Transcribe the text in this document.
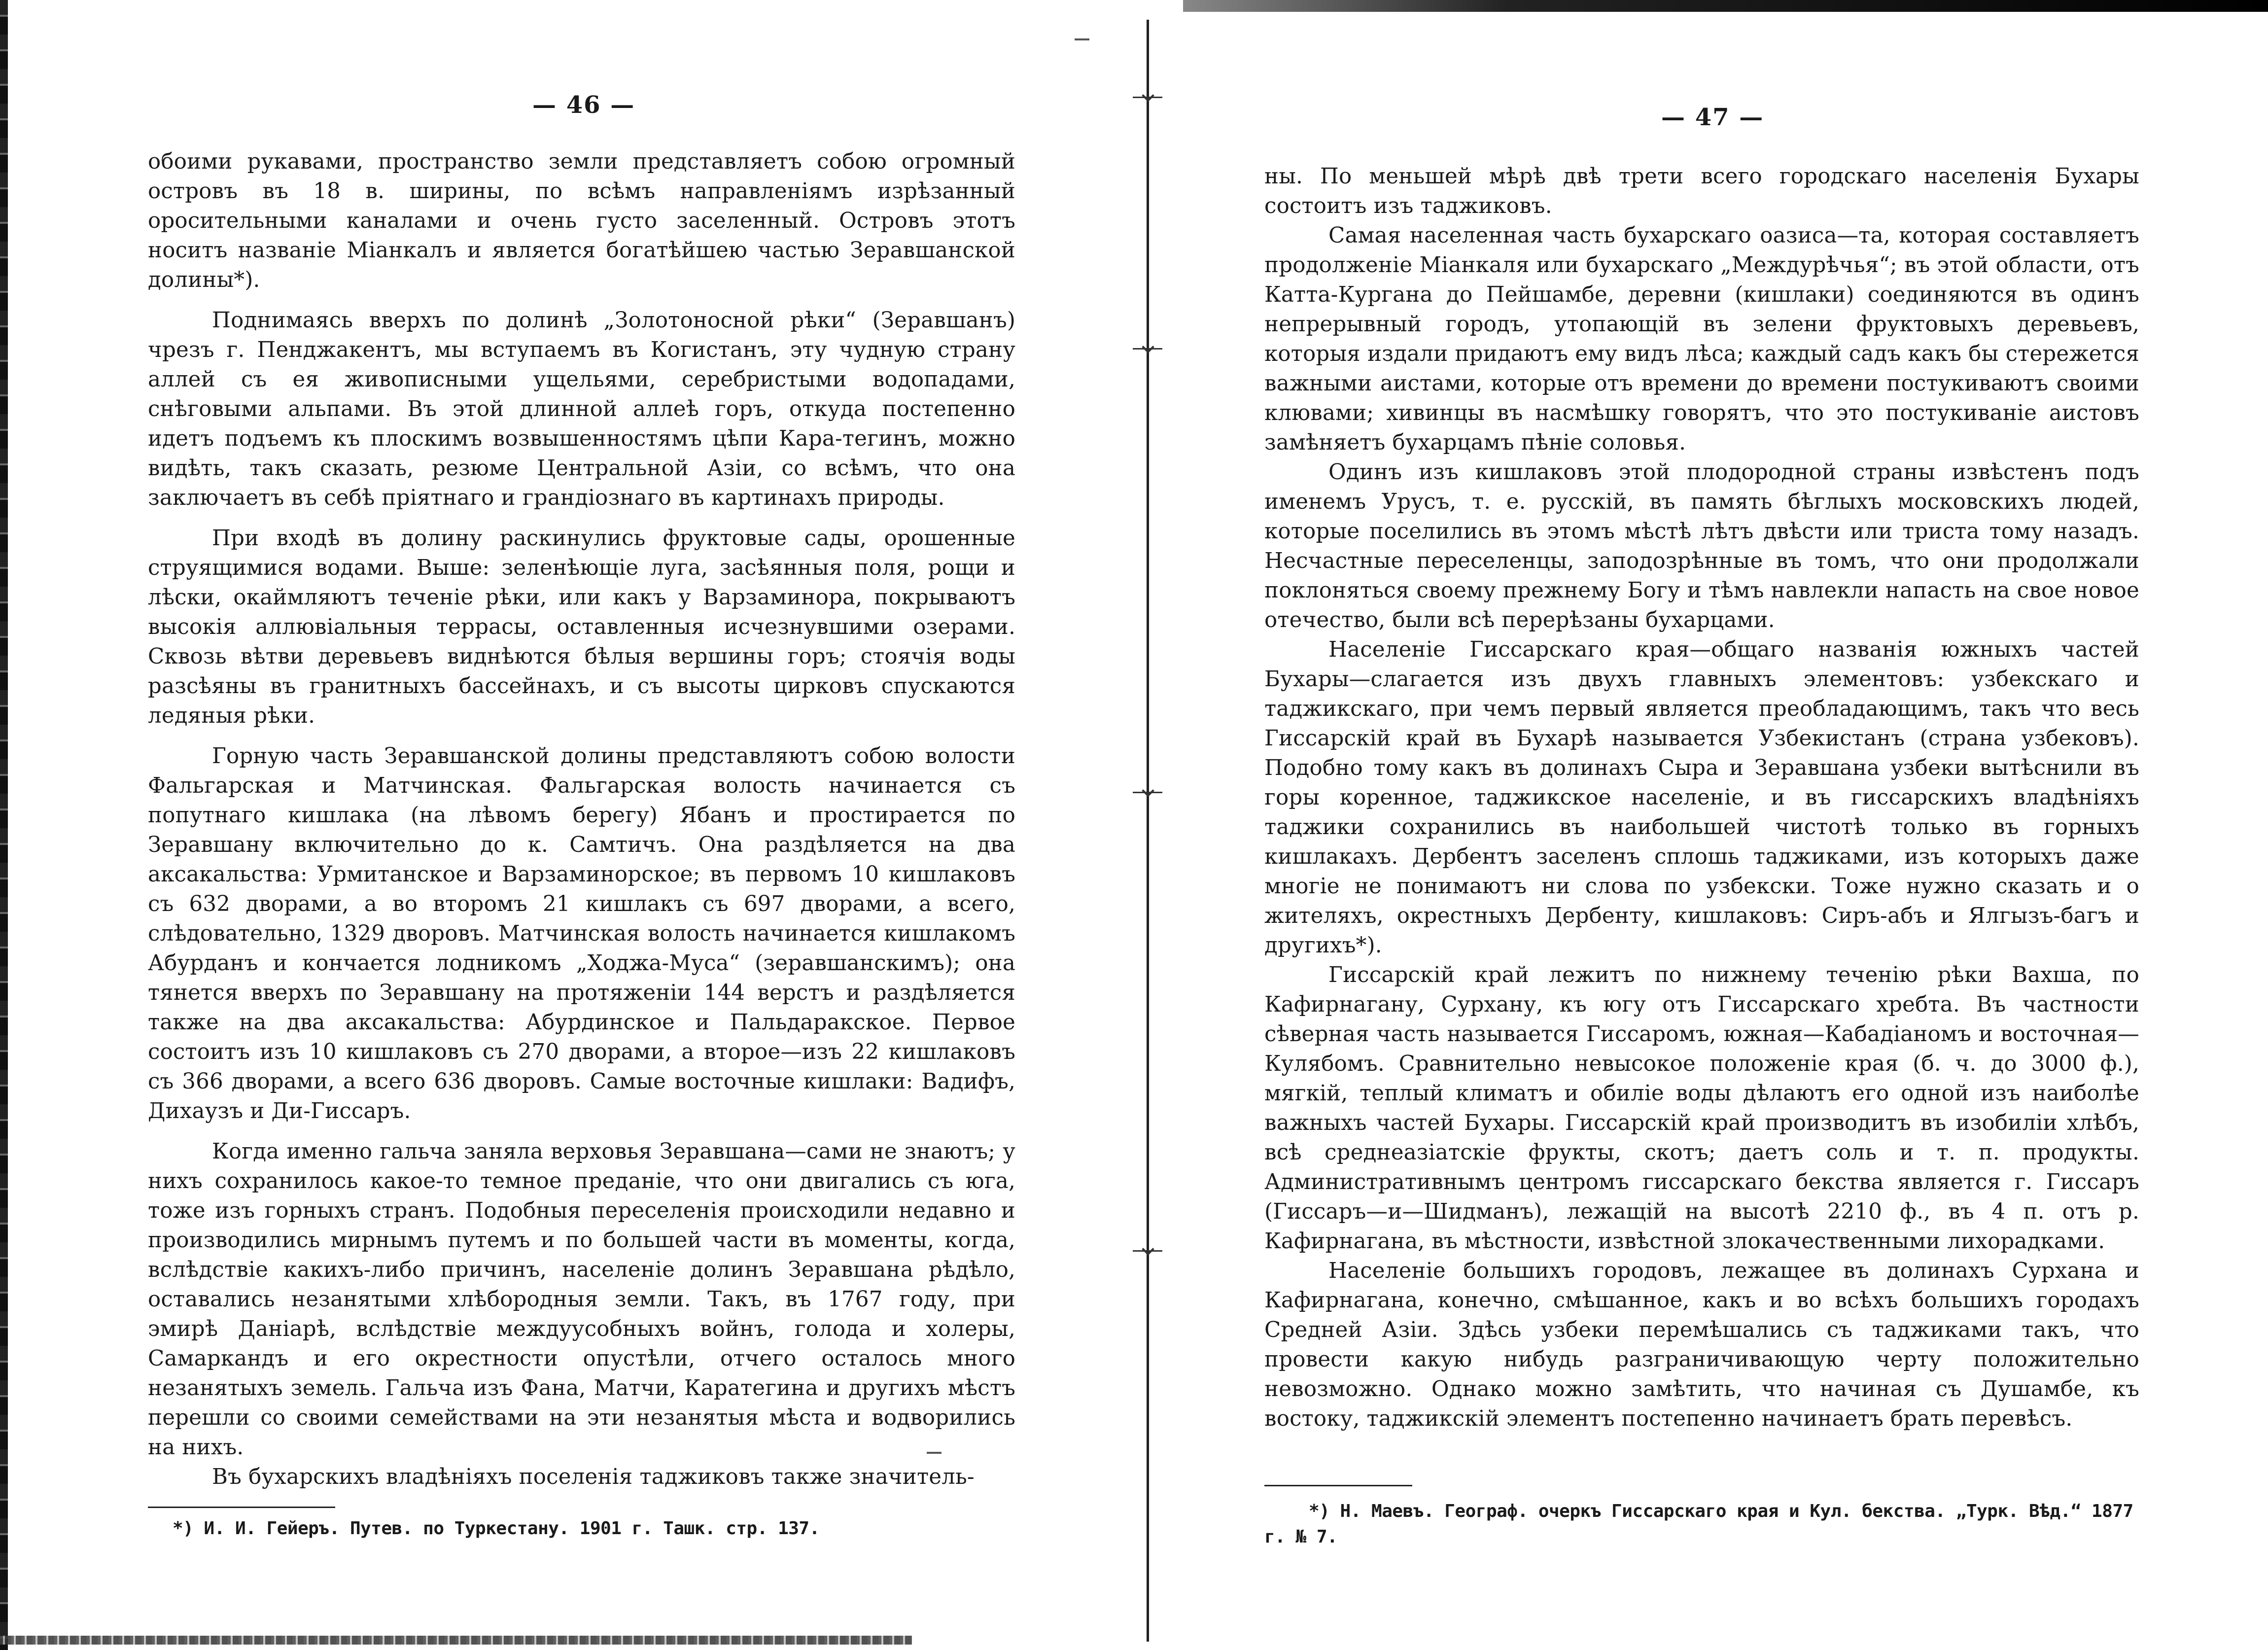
— 46 —

обоими рукавами, пространство земли представляетъ собою огромный островъ въ 18 в. ширины, по всѣмъ направленіямъ изрѣзанный оросительными каналами и очень густо заселенный. Островъ этотъ носитъ названіе Міанкалъ и является богатѣйшею частью Зеравшанской долины*).

Поднимаясь вверхъ по долинѣ „Золотоносной рѣки“ (Зеравшанъ) чрезъ г. Пенджакентъ, мы вступаемъ въ Когистанъ, эту чудную страну аллей съ ея живописными ущельями, серебристыми водопадами, снѣговыми альпами. Въ этой длинной аллеѣ горъ, откуда постепенно идетъ подъемъ къ плоскимъ возвышенностямъ цѣпи Кара-тегинъ, можно видѣть, такъ сказать, резюме Центральной Азіи, со всѣмъ, что она заключаетъ въ себѣ пріятнаго и грандіознаго въ картинахъ природы.

При входѣ въ долину раскинулись фруктовые сады, орошенные струящимися водами. Выше: зеленѣющіе луга, засѣянныя поля, рощи и лѣски, окаймляютъ теченіе рѣки, или какъ у Варзаминора, покрываютъ высокія аллювіальныя террасы, оставленныя исчезнувшими озерами. Сквозь вѣтви деревьевъ виднѣются бѣлыя вершины горъ; стоячія воды разсѣяны въ гранитныхъ бассейнахъ, и съ высоты цирковъ спускаются ледяныя рѣки.

Горную часть Зеравшанской долины представляютъ собою волости Фальгарская и Матчинская. Фальгарская волость начинается съ попутнаго кишлака (на лѣвомъ берегу) Ябанъ и простирается по Зеравшану включительно до к. Самтичъ. Она раздѣляется на два аксакальства: Урмитанское и Варзаминорское; въ первомъ 10 кишлаковъ съ 632 дворами, а во второмъ 21 кишлакъ съ 697 дворами, а всего, слѣдовательно, 1329 дворовъ. Матчинская волость начинается кишлакомъ Абурданъ и кончается лодникомъ „Ходжа-Муса“ (зеравшанскимъ); она тянется вверхъ по Зеравшану на протяженіи 144 верстъ и раздѣляется также на два аксакальства: Абурдинское и Пальдаракское. Первое состоитъ изъ 10 кишлаковъ съ 270 дворами, а второе—изъ 22 кишлаковъ съ 366 дворами, а всего 636 дворовъ. Самые восточные кишлаки: Вадифъ, Дихаузъ и Ди-Гиссаръ.

Когда именно гальча заняла верховья Зеравшана—сами не знаютъ; у нихъ сохранилось какое-то темное преданіе, что они двигались съ юга, тоже изъ горныхъ странъ. Подобныя переселенія происходили недавно и производились мирнымъ путемъ и по большей части въ моменты, когда, вслѣдствіе какихъ-либо причинъ, населеніе долинъ Зеравшана рѣдѣло, оставались незанятыми хлѣбородныя земли. Такъ, въ 1767 году, при эмирѣ Даніарѣ, вслѣдствіе междуусобныхъ войнъ, голода и холеры, Самаркандъ и его окрестности опустѣли, отчего осталось много незанятыхъ земель. Гальча изъ Фана, Матчи, Каратегина и другихъ мѣстъ перешли со своими семействами на эти незанятыя мѣста и водворились на нихъ.

Въ бухарскихъ владѣніяхъ поселенія таджиковъ также значитель-

*) И. И. Гейеръ. Путев. по Туркестану. 1901 г. Ташк. стр. 137.
— 47 —

ны. По меньшей мѣрѣ двѣ трети всего городскаго населенія Бухары состоитъ изъ таджиковъ.

Самая населенная часть бухарскаго оазиса—та, которая составляетъ продолженіе Міанкаля или бухарскаго „Междурѣчья“; въ этой области, отъ Катта-Кургана до Пейшамбе, деревни (кишлаки) соединяются въ одинъ непрерывный городъ, утопающій въ зелени фруктовыхъ деревьевъ, которыя издали придаютъ ему видъ лѣса; каждый садъ какъ бы стережется важными аистами, которые отъ времени до времени постукиваютъ своими клювами; хивинцы въ насмѣшку говорятъ, что это постукиваніе аистовъ замѣняетъ бухарцамъ пѣніе соловья.

Одинъ изъ кишлаковъ этой плодородной страны извѣстенъ подъ именемъ Урусъ, т. е. русскій, въ память бѣглыхъ московскихъ людей, которые поселились въ этомъ мѣстѣ лѣтъ двѣсти или триста тому назадъ. Несчастные переселенцы, заподозрѣнные въ томъ, что они продолжали поклоняться своему прежнему Богу и тѣмъ навлекли напасть на свое новое отечество, были всѣ перерѣзаны бухарцами.

Населеніе Гиссарскаго края—общаго названія южныхъ частей Бухары—слагается изъ двухъ главныхъ элементовъ: узбекскаго и таджикскаго, при чемъ первый является преобладающимъ, такъ что весь Гиссарскій край въ Бухарѣ называется Узбекистанъ (страна узбековъ). Подобно тому какъ въ долинахъ Сыра и Зеравшана узбеки вытѣснили въ горы коренное, таджикское населеніе, и въ гиссарскихъ владѣніяхъ таджики сохранились въ наибольшей чистотѣ только въ горныхъ кишлакахъ. Дербентъ заселенъ сплошь таджиками, изъ которыхъ даже многіе не понимаютъ ни слова по узбекски. Тоже нужно сказать и о жителяхъ, окрестныхъ Дербенту, кишлаковъ: Сиръ-абъ и Ялгызъ-багъ и другихъ*).

Гиссарскій край лежитъ по нижнему теченію рѣки Вахша, по Кафирнагану, Сурхану, къ югу отъ Гиссарскаго хребта. Въ частности сѣверная часть называется Гиссаромъ, южная—Кабадіаномъ и восточная—Кулябомъ. Сравнительно невысокое положеніе края (б. ч. до 3000 ф.), мягкій, теплый климатъ и обиліе воды дѣлаютъ его одной изъ наиболѣе важныхъ частей Бухары. Гиссарскій край производитъ въ изобиліи хлѣбъ, всѣ среднеазіатскіе фрукты, скотъ; даетъ соль и т. п. продукты. Административнымъ центромъ гиссарскаго бекства является г. Гиссаръ (Гиссаръ—и—Шидманъ), лежащій на высотѣ 2210 ф., въ 4 п. отъ р. Кафирнагана, въ мѣстности, извѣстной злокачественными лихорадками.

Населеніе большихъ городовъ, лежащее въ долинахъ Сурхана и Кафирнагана, конечно, смѣшанное, какъ и во всѣхъ большихъ городахъ Средней Азіи. Здѣсь узбеки перемѣшались съ таджиками такъ, что провести какую нибудь разграничивающую черту положительно невозможно. Однако можно замѣтить, что начиная съ Душамбе, къ востоку, таджикскій элементъ постепенно начинаетъ брать перевѣсъ.

*) Н. Маевъ. Географ. очеркъ Гиссарскаго края и Кул. бекства. „Турк. Вѣд.“ 1877 г. № 7.
